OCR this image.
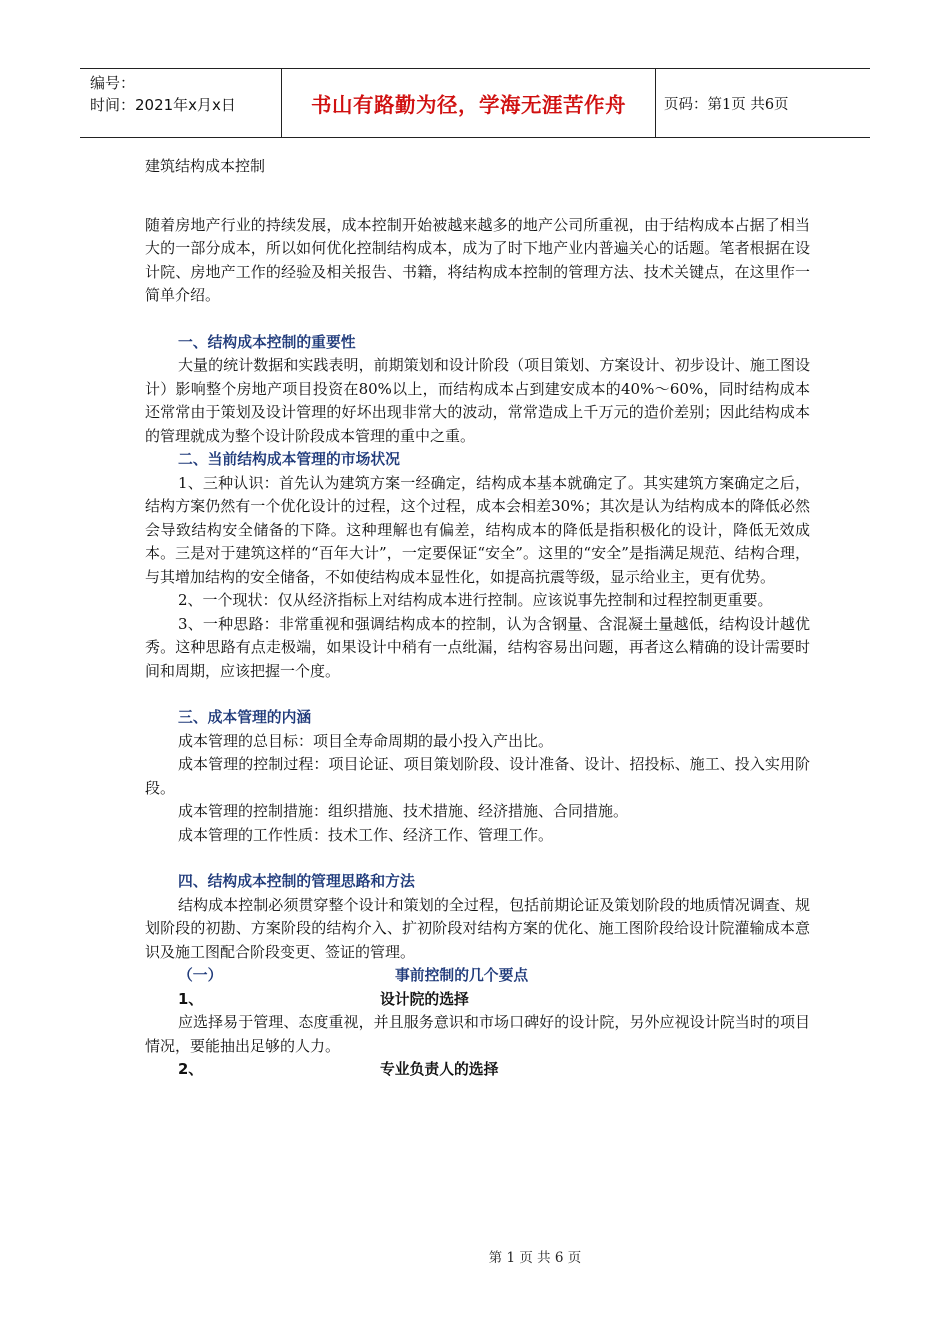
编号：
时间：2021年x月x日	书山有路勤为径，学海无涯苦作舟	页码：第1页 共6页

建筑结构成本控制

随着房地产行业的持续发展，成本控制开始被越来越多的地产公司所重视，由于结构成本占据了相当大的一部分成本，所以如何优化控制结构成本，成为了时下地产业内普遍关心的话题。笔者根据在设计院、房地产工作的经验及相关报告、书籍，将结构成本控制的管理方法、技术关键点，在这里作一简单介绍。

一、结构成本控制的重要性

大量的统计数据和实践表明，前期策划和设计阶段（项目策划、方案设计、初步设计、施工图设计）影响整个房地产项目投资在80%以上，而结构成本占到建安成本的40%～60%，同时结构成本还常常由于策划及设计管理的好坏出现非常大的波动，常常造成上千万元的造价差别；因此结构成本的管理就成为整个设计阶段成本管理的重中之重。

二、当前结构成本管理的市场状况

1、三种认识：首先认为建筑方案一经确定，结构成本基本就确定了。其实建筑方案确定之后，结构方案仍然有一个优化设计的过程，这个过程，成本会相差30%；其次是认为结构成本的降低必然会导致结构安全储备的下降。这种理解也有偏差，结构成本的降低是指积极化的设计，降低无效成本。三是对于建筑这样的“百年大计”，一定要保证“安全”。这里的“安全”是指满足规范、结构合理，与其增加结构的安全储备，不如使结构成本显性化，如提高抗震等级，显示给业主，更有优势。

2、一个现状：仅从经济指标上对结构成本进行控制。应该说事先控制和过程控制更重要。

3、一种思路：非常重视和强调结构成本的控制，认为含钢量、含混凝土量越低，结构设计越优秀。这种思路有点走极端，如果设计中稍有一点纰漏，结构容易出问题，再者这么精确的设计需要时间和周期，应该把握一个度。

三、成本管理的内涵

成本管理的总目标：项目全寿命周期的最小投入产出比。

成本管理的控制过程：项目论证、项目策划阶段、设计准备、设计、招投标、施工、投入实用阶段。

成本管理的控制措施：组织措施、技术措施、经济措施、合同措施。

成本管理的工作性质：技术工作、经济工作、管理工作。

四、结构成本控制的管理思路和方法

结构成本控制必须贯穿整个设计和策划的全过程，包括前期论证及策划阶段的地质情况调查、规划阶段的初勘、方案阶段的结构介入、扩初阶段对结构方案的优化、施工图阶段给设计院灌输成本意识及施工图配合阶段变更、签证的管理。

（一）	事前控制的几个要点
1、	设计院的选择

应选择易于管理、态度重视，并且服务意识和市场口碑好的设计院，另外应视设计院当时的项目情况，要能抽出足够的人力。

2、	专业负责人的选择
第 1 页 共 6 页
